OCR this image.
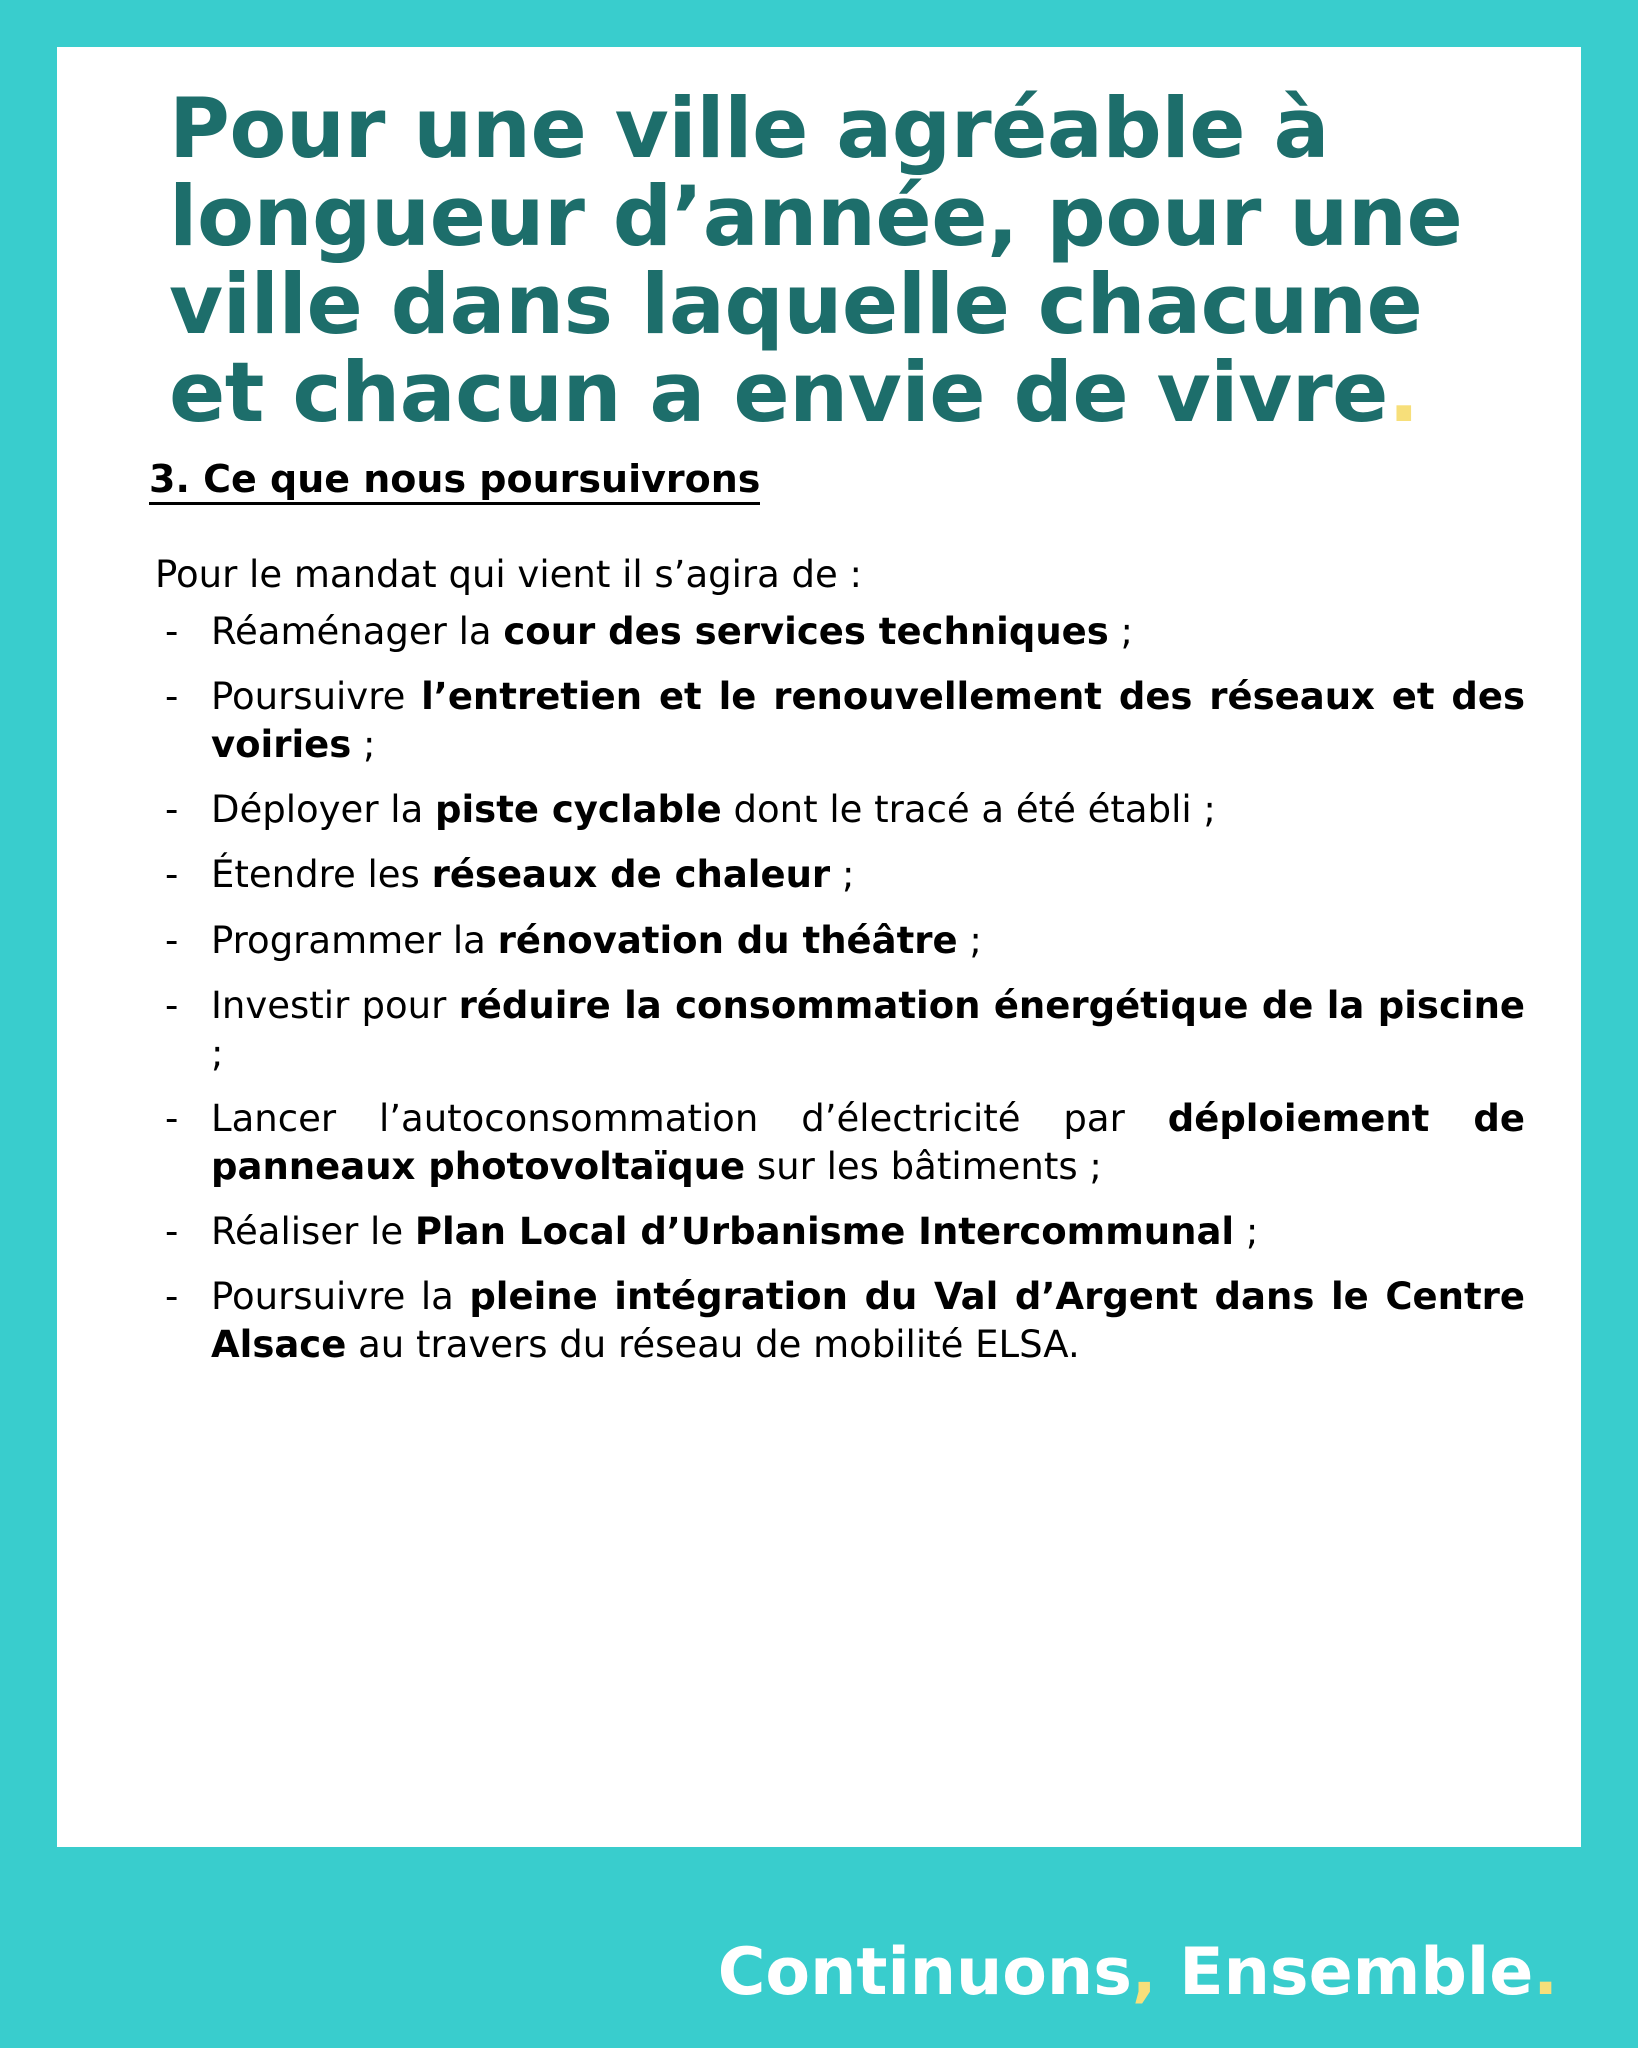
Pour une ville agréable à longueur d’année, pour une ville dans laquelle chacune et chacun a envie de vivre.
3. Ce que nous poursuivrons

Pour le mandat qui vient il s’agira de :

- Réaménager la cour des services techniques ;
- Poursuivre l’entretien et le renouvellement des réseaux et des voiries ;
- Déployer la piste cyclable dont le tracé a été établi ;
- Étendre les réseaux de chaleur ;
- Programmer la rénovation du théâtre ;
- Investir pour réduire la consommation énergétique de la piscine ;
- Lancer l’autoconsommation d’électricité par déploiement de panneaux photovoltaïque sur les bâtiments ;
- Réaliser le Plan Local d’Urbanisme Intercommunal ;
- Poursuivre la pleine intégration du Val d’Argent dans le Centre Alsace au travers du réseau de mobilité ELSA.
Continuons, Ensemble.
